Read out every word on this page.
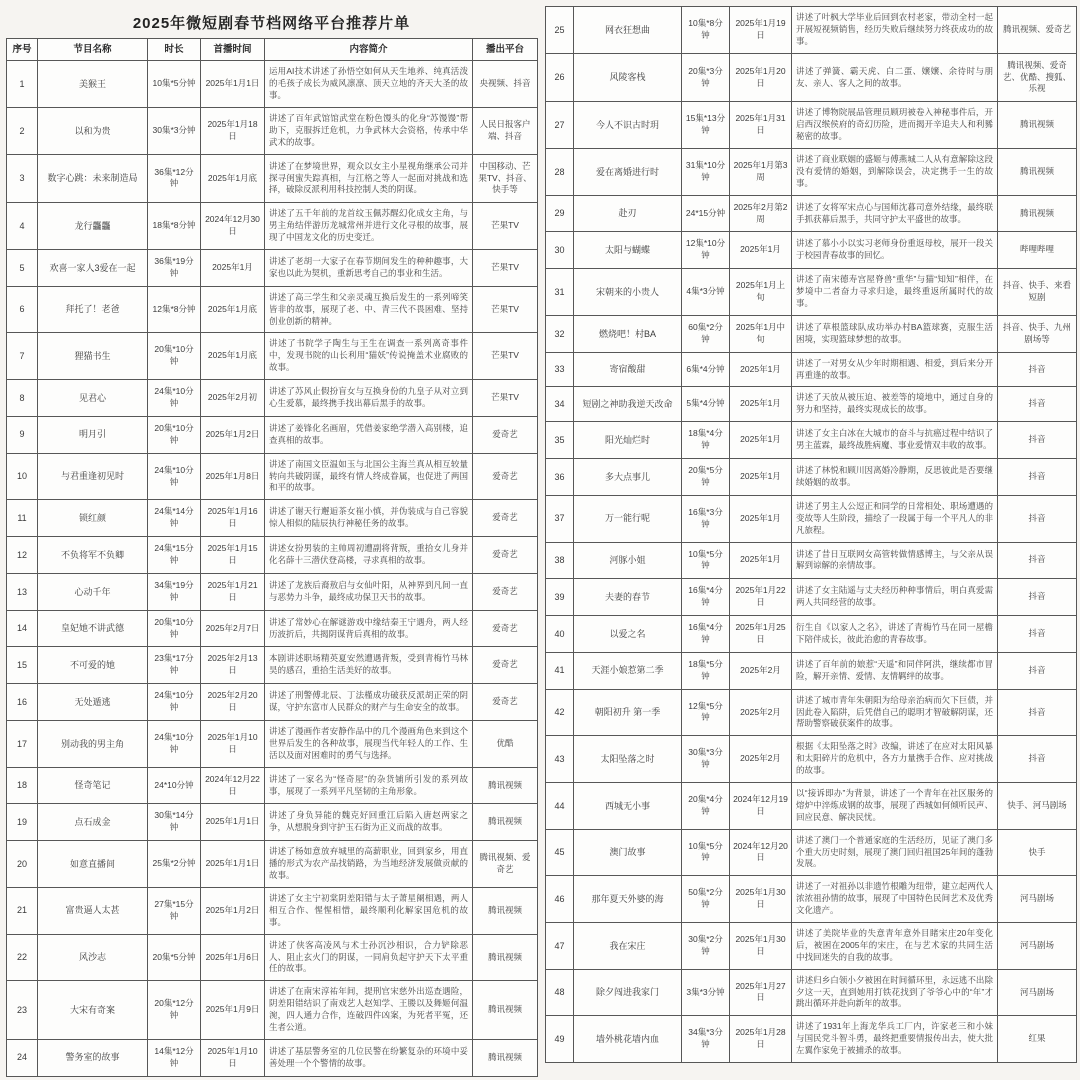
2025年微短剧春节档网络平台推荐片单
序号	节目名称	时长	首播时间	内容简介	播出平台
1	美猴王	10集*5分钟	2025年1月1日	运用AI技术讲述了孙悟空如何从天生地养、纯真活泼的毛孩子成长为威风凛凛、顶天立地的齐天大圣的故事。	央视频、抖音
2	以和为贵	30集*3分钟	2025年1月18日	讲述了百年武馆馆武堂在粉色馒头的化身“苏馒馒”帮助下，克服拆迁危机，力争武林大会资格，传承中华武术的故事。	人民日报客户端、抖音
3	数字心跳：未来制造局	36集*12分钟	2025年1月底	讲述了在梦境世界，观众以女主小星视角继承公司并探寻闺蜜失踪真相，与江格之等人一起面对挑战和选择，破除反派利用科技控制人类的阴谋。	中国移动、芒果TV、抖音、快手等
4	龙行龘龘	18集*8分钟	2024年12月30日	讲述了五千年前的龙首纹玉佩苏醒幻化成女主角，与男主角结伴游历龙城常州并进行文化寻根的故事，展现了中国龙文化的历史变迁。	芒果TV
5	欢喜一家人3爱在一起	36集*19分钟	2025年1月	讲述了老胡一大家子在春节期间发生的种种趣事，大家也以此为契机，重新思考自己的事业和生活。	芒果TV
6	拜托了！老爸	12集*8分钟	2025年1月底	讲述了高三学生和父亲灵魂互换后发生的一系列啼笑皆非的故事，展现了老、中、青三代不畏困难、坚持创业创新的精神。	芒果TV
7	狸猫书生	20集*10分钟	2025年1月底	讲述了书院学子陶生与王生在调查一系列离奇事件中，发现书院的山长利用“猫妖”传说掩盖术业腐败的故事。	芒果TV
8	见君心	24集*10分钟	2025年2月初	讲述了苏风止假扮盲女与互换身份的九皇子从对立到心生爱慕，最终携手找出幕后黑手的故事。	芒果TV
9	明月引	20集*10分钟	2025年1月2日	讲述了姜锋化名画眉，凭借姜家绝学潜入高别楼，追查真相的故事。	爱奇艺
10	与君重逢初见时	24集*10分钟	2025年1月8日	讲述了南国文臣温如玉与北国公主海兰真从相互较量转向共破阴谋，最终有情人终成眷属，也促进了两国和平的故事。	爱奇艺
11	锁红颜	24集*14分钟	2025年1月16日	讲述了谢天行邂逅茶女崔小慎，并伪装成与自己容貌惊人相似的陆辰执行神秘任务的故事。	爱奇艺
12	不负将军不负卿	24集*15分钟	2025年1月15日	讲述女扮男装的主帅周初遭副将背叛，重拾女儿身并化名薛十三潜伏登高楼，寻求真相的故事。	爱奇艺
13	心动千年	34集*19分钟	2025年1月21日	讲述了龙族后裔敖启与女仙叶阳，从神界到凡间一直与恶势力斗争，最终成功保卫天书的故事。	爱奇艺
14	皇妃她不讲武德	20集*10分钟	2025年2月7日	讲述了常妙心在解谜游戏中缘结秦王宁遇舟，两人经历波折后，共揭阴谋背后真相的故事。	爱奇艺
15	不可爱的她	23集*17分钟	2025年2月13日	本剧讲述职场精英夏安然遭遇背叛，受到青梅竹马林昊的感召，重拾生活美好的故事。	爱奇艺
16	无处遁逃	24集*10分钟	2025年2月20日	讲述了刑警傅北辰、丁法槿成功破获反派胡正荣的阴谋，守护东富市人民群众的财产与生命安全的故事。	爱奇艺
17	别动我的男主角	24集*10分钟	2025年1月10日	讲述了漫画作者安静作品中的几个漫画角色来到这个世界后发生的各种故事，展现当代年轻人的工作、生活以及面对困难时的勇气与选择。	优酷
18	怪奇笔记	24*10分钟	2024年12月22日	讲述了一家名为“怪奇屋”的杂货铺所引发的系列故事，展现了一系列平凡坚韧的主角形象。	腾讯视频
19	点石成金	30集*14分钟	2025年1月1日	讲述了身负异能的魏克好回重江后陷入唐赵两家之争，从想脱身到守护玉石街为正义而战的故事。	腾讯视频
20	如意直播间	25集*2分钟	2025年1月1日	讲述了杨如意放弃城里的高薪职业，回到家乡，用直播的形式为农产品找销路，为当地经济发展做贡献的故事。	腾讯视频、爱奇艺
21	富贵逼人太甚	27集*15分钟	2025年1月2日	讲述了女主宁初棠阴差阳错与太子萧星阑相遇，两人相互合作、惺惺相惜，最终顺利化解家国危机的故事。	腾讯视频
22	风沙志	20集*5分钟	2025年1月6日	讲述了侠客高凌风与术士孙沉沙相识，合力铲除恶人、阻止玄火门的阴谋，一同肩负起守护天下太平重任的故事。	腾讯视频
23	大宋有奇案	20集*12分钟	2025年1月9日	讲述了在南宋淳祐年间，提刑官宋慈外出巡查遇险，阴差阳错结识了南戏艺人赵知学、王媵以及舞姬何温涴，四人通力合作，连破四件凶案，为死者平冤，还生者公道。	腾讯视频
24	警务室的故事	14集*12分钟	2025年1月10日	讲述了基层警务室的几位民警在纷繁复杂的环境中妥善处理一个个警情的故事。	腾讯视频
25	网衣狂想曲	10集*8分钟	2025年1月19日	讲述了叶枫大学毕业后回到农村老家，带动全村一起开展短视频销售，经历失败后继续努力终获成功的故事。	腾讯视频、爱奇艺
26	风陵客栈	20集*3分钟	2025年1月20日	讲述了弹簧、霸天虎、白二蛋、嬢嬢、余待时与朋友、亲人、客人之间的故事。	腾讯视频、爱奇艺、优酷、搜狐、乐视
27	今人不识古时玥	15集*13分钟	2025年1月31日	讲述了博物院展品管理员顾玥被卷入神秘事件后，开启西汉缑侯府的奇幻历险，进而揭开辛追夫人和利豨秘密的故事。	腾讯视频
28	爱在离婚进行时	31集*10分钟	2025年1月第3周	讲述了商业联姻的盛姬与傅燕城二人从有意解除这段没有爱情的婚姻，到解除误会，决定携手一生的故事。	腾讯视频
29	赴刃	24*15分钟	2025年2月第2周	讲述了女将军宋点心与国师沈暮司意外结缘，最终联手抓获幕后黑手，共同守护太平盛世的故事。	腾讯视频
30	太阳与蝴蝶	12集*10分钟	2025年1月	讲述了慕小小以实习老师身份重返母校，展开一段关于校园青春故事的回忆。	哔哩哔哩
31	宋朝来的小贵人	4集*3分钟	2025年1月上旬	讲述了南宋德寿宫屋脊兽“重华”与猫“知知”相伴，在梦境中二者奋力寻求归途，最终重返所属时代的故事。	抖音、快手、来看短剧
32	燃烧吧！村BA	60集*2分钟	2025年1月中旬	讲述了草根篮球队成功举办村BA篮球赛，克服生活困境，实现篮球梦想的故事。	抖音、快手、九州剧场等
33	寄宿酸甜	6集*4分钟	2025年1月	讲述了一对男女从少年时期相遇、相爱，到后来分开再重逢的故事。	抖音
34	短剧之神助我逆天改命	5集*4分钟	2025年1月	讲述了天放从被压迫、被差等的境地中，通过自身的努力和坚持，最终实现成长的故事。	抖音
35	阳光灿烂时	18集*4分钟	2025年1月	讲述了女主白冰在大城市的奋斗与抗癌过程中结识了男主蓝霖，最终战胜病魔、事业爱情双丰收的故事。	抖音
36	多大点事儿	20集*5分钟	2025年1月	讲述了林悦和顾川因离婚冷静期，反思彼此是否要继续婚姻的故事。	抖音
37	万一能行呢	16集*3分钟	2025年1月	讲述了男主人公逗正和同学的日常相处、职场遭遇的变故等人生阶段，描绘了一段属于每一个平凡人的非凡旅程。	抖音
38	河豚小姐	10集*5分钟	2025年1月	讲述了昔日互联网女高管转做情感博主，与父亲从误解到谅解的亲情故事。	抖音
39	夫妻的春节	16集*4分钟	2025年1月22日	讲述了女主陆遥与丈夫经历种种事情后，明白真爱需两人共同经营的故事。	抖音
40	以爱之名	16集*4分钟	2025年1月25日	衍生自《以家人之名》，讲述了青梅竹马在同一屋檐下陪伴成长，彼此治愈的青春故事。	抖音
41	天涯小娘惹第二季	18集*5分钟	2025年2月	讲述了百年前的娘惹“天遥”和同伴阿洪，继续都市冒险，解开亲情、爱情、友情羁绊的故事。	抖音
42	朝阳初升 第一季	12集*5分钟	2025年2月	讲述了城市青年朱朝阳为给母亲治病而欠下巨债，并因此卷入陷阱，后凭借自己的聪明才智破解阴谋，还帮助警察破获案件的故事。	抖音
43	太阳坠落之时	30集*3分钟	2025年2月	根据《太阳坠落之时》改编，讲述了在应对太阳风暴和太阳碎片的危机中，各方力量携手合作、应对挑战的故事。	抖音
44	西城无小事	20集*4分钟	2024年12月19日	以“接诉即办”为背景，讲述了一个青年在社区服务的熔炉中淬炼成钢的故事，展现了西城如何倾听民声、回应民意、解决民忧。	快手、河马剧场
45	澳门故事	10集*5分钟	2024年12月20日	讲述了澳门一个普通家庭的生活经历，见证了澳门多个重大历史时刻，展现了澳门回归祖国25年间的蓬勃发展。	快手
46	那年夏天外婆的海	50集*2分钟	2025年1月30日	讲述了一对祖孙以非遗竹根雕为纽带，建立起两代人浓浓祖孙情的故事，展现了中国特色民间艺术及优秀文化遗产。	河马剧场
47	我在宋庄	30集*2分钟	2025年1月30日	讲述了美院毕业的失意青年意外目睹宋庄20年变化后，被困在2005年的宋庄，在与艺术家的共同生活中找回迷失的自我的故事。	河马剧场
48	除夕闯进我家门	3集*3分钟	2025年1月27日	讲述归乡白领小夕被困在时间循环里，永远逃不出除夕这一天，直到她用打铁花找到了爷爷心中的“年”才跳出循环并赴向新年的故事。	河马剧场
49	墙外桃花墙内血	34集*3分钟	2025年1月28日	讲述了1931年上海龙华兵工厂内，许家老三和小妹与国民党斗智斗勇，最终把重要情报传出去，使大批左翼作家免于被捕杀的故事。	红果
